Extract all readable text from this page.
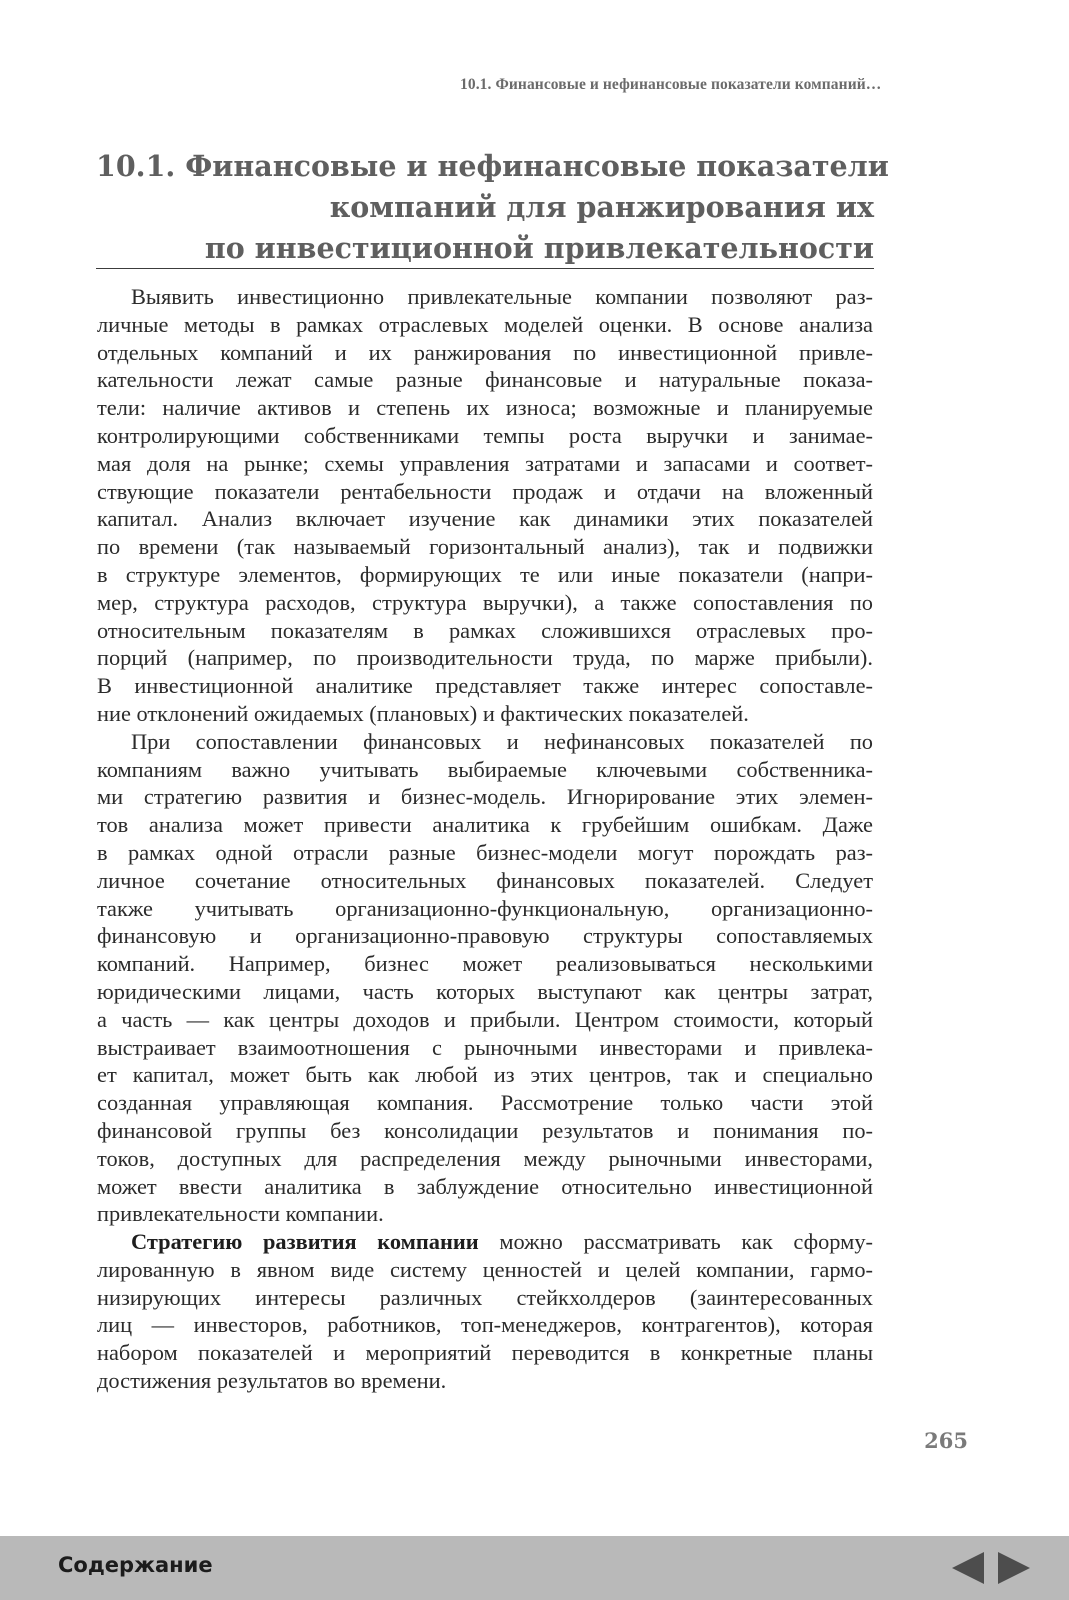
10.1. Финансовые и нефинансовые показатели компаний…
10.1. Финансовые и нефинансовые показатели
компаний для ранжирования их
по инвестиционной привлекательности
Выявить инвестиционно привлекательные компании позволяют раз-
личные методы в рамках отраслевых моделей оценки. В основе анализа
отдельных компаний и их ранжирования по инвестиционной привле-
кательности лежат самые разные финансовые и натуральные показа-
тели: наличие активов и степень их износа; возможные и планируемые
контролирующими собственниками темпы роста выручки и занимае-
мая доля на рынке; схемы управления затратами и запасами и соответ-
ствующие показатели рентабельности продаж и отдачи на вложенный
капитал. Анализ включает изучение как динамики этих показателей
по времени (так называемый горизонтальный анализ), так и подвижки
в структуре элементов, формирующих те или иные показатели (напри-
мер, структура расходов, структура выручки), а также сопоставления по
относительным показателям в рамках сложившихся отраслевых про-
порций (например, по производительности труда, по марже прибыли).
В инвестиционной аналитике представляет также интерес сопоставле-
ние отклонений ожидаемых (плановых) и фактических показателей.
При сопоставлении финансовых и нефинансовых показателей по
компаниям важно учитывать выбираемые ключевыми собственника-
ми стратегию развития и бизнес-модель. Игнорирование этих элемен-
тов анализа может привести аналитика к грубейшим ошибкам. Даже
в рамках одной отрасли разные бизнес-модели могут порождать раз-
личное сочетание относительных финансовых показателей. Следует
также учитывать организационно-функциональную, организационно-
финансовую и организационно-правовую структуры сопоставляемых
компаний. Например, бизнес может реализовываться несколькими
юридическими лицами, часть которых выступают как центры затрат,
а часть — как центры доходов и прибыли. Центром стоимости, который
выстраивает взаимоотношения с рыночными инвесторами и привлека-
ет капитал, может быть как любой из этих центров, так и специально
созданная управляющая компания. Рассмотрение только части этой
финансовой группы без консолидации результатов и понимания по-
токов, доступных для распределения между рыночными инвесторами,
может ввести аналитика в заблуждение относительно инвестиционной
привлекательности компании.
Стратегию развития компании можно рассматривать как сформу-
лированную в явном виде систему ценностей и целей компании, гармо-
низирующих интересы различных стейкхолдеров (заинтересованных
лиц — инвесторов, работников, топ-менеджеров, контрагентов), которая
набором показателей и мероприятий переводится в конкретные планы
достижения результатов во времени.
265
Содержание
